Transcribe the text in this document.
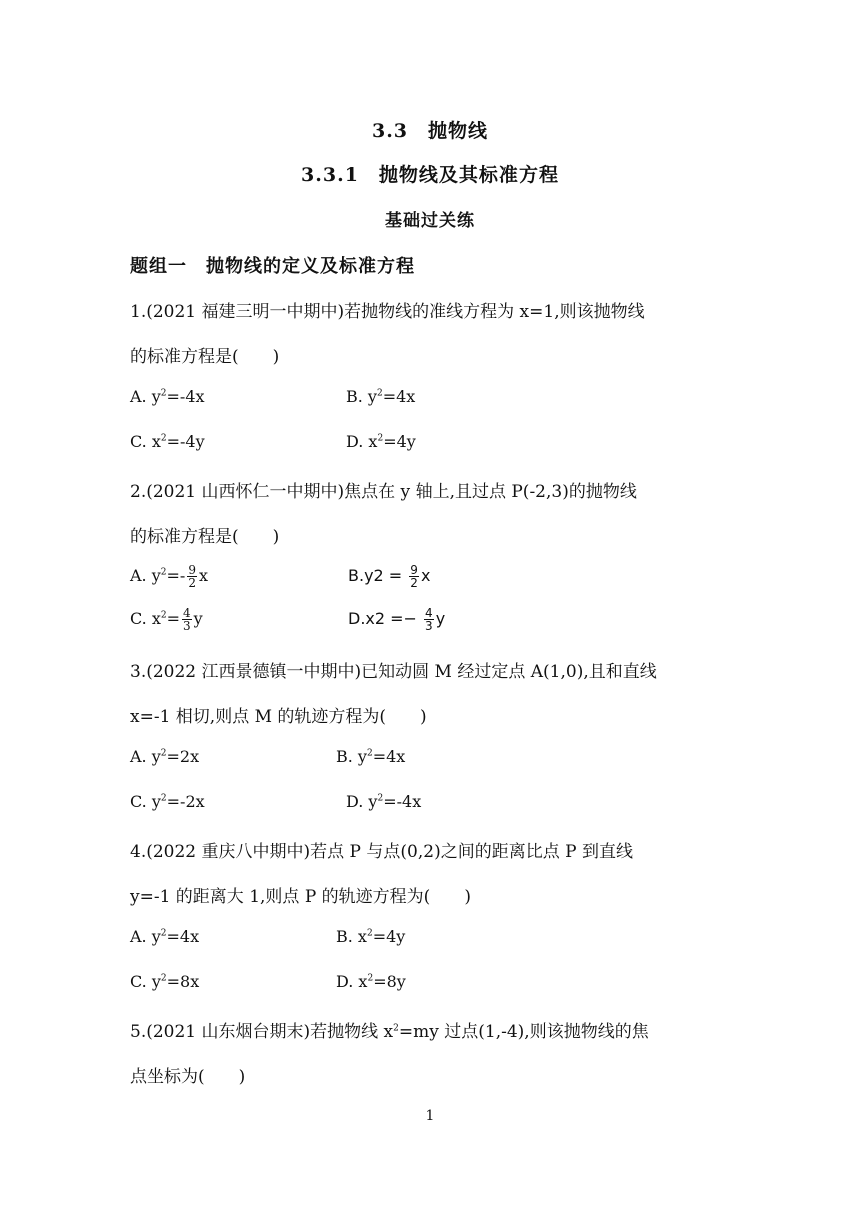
3.3　抛物线
3.3.1　抛物线及其标准方程
基础过关练
题组一　抛物线的定义及标准方程
1.(2021 福建三明一中期中)若抛物线的准线方程为 x=1,则该抛物线
的标准方程是(　　)
A. $y^2=-4x$	B. $y^2=4x$
C. $x^2=-4y$	D. $x^2=4y$
2.(2021 山西怀仁一中期中)焦点在 y 轴上,且过点 P(-2,3)的抛物线
的标准方程是(　　)
A. $y^2=- \frac{9}{2}$ x	$B.y2 = \frac{9}{2}$ x
C. $x^2= \frac{4}{3}$ y	$D.x2 =- \frac{4}{3}$ y
3.(2022 江西景德镇一中期中)已知动圆 M 经过定点 A(1,0),且和直线
x=-1 相切,则点 M 的轨迹方程为(　　)
A. $y^2=2x$	B. $y^2=4x$
C. $y^2=-2x$	D. $y^2=-4x$
4.(2022 重庆八中期中)若点 P 与点(0,2)之间的距离比点 P 到直线
y=-1 的距离大 1,则点 P 的轨迹方程为(　　)
A. $y^2=4x$	B. $x^2=4y$
C. $y^2=8x$	D. $x^2=8y$
5.(2021 山东烟台期末)若抛物线 $x^2=my$ 过点(1,-4),则该抛物线的焦
点坐标为(　　)
1
